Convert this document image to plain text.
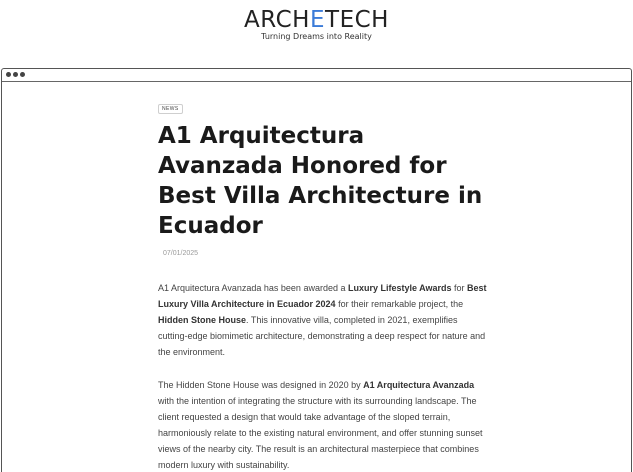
ARCHETECH
Turning Dreams into Reality
NEWS
A1 Arquitectura Avanzada Honored for Best Villa Architecture in Ecuador
07/01/2025

A1 Arquitectura Avanzada has been awarded a Luxury Lifestyle Awards for Best Luxury Villa Architecture in Ecuador 2024 for their remarkable project, the Hidden Stone House. This innovative villa, completed in 2021, exemplifies cutting-edge biomimetic architecture, demonstrating a deep respect for nature and the environment.

The Hidden Stone House was designed in 2020 by A1 Arquitectura Avanzada with the intention of integrating the structure with its surrounding landscape. The client requested a design that would take advantage of the sloped terrain, harmoniously relate to the existing natural environment, and offer stunning sunset views of the nearby city. The result is an architectural masterpiece that combines modern luxury with sustainability.
